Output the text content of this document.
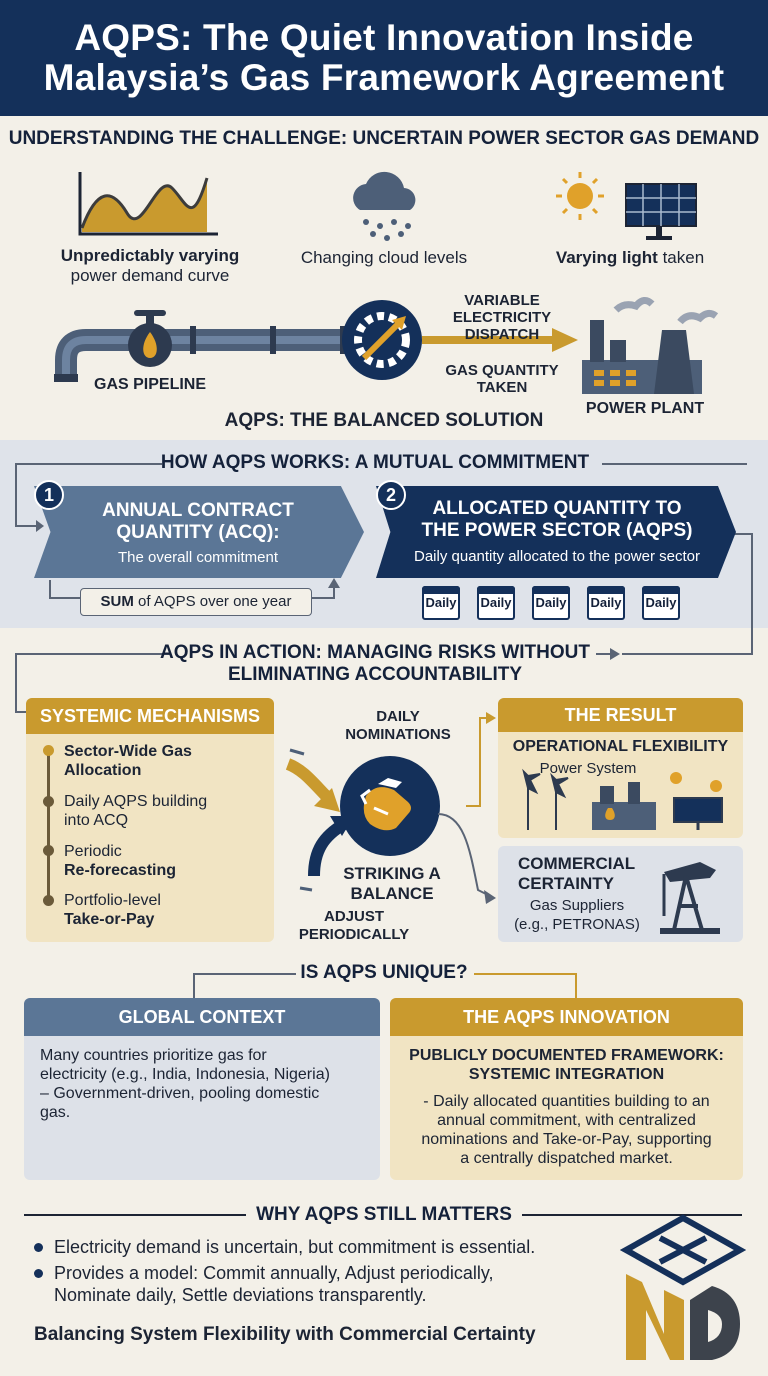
AQPS: The Quiet Innovation Inside
Malaysia’s Gas Framework Agreement
UNDERSTANDING THE CHALLENGE: UNCERTAIN POWER SECTOR GAS DEMAND
Unpredictably varying
power demand curve
Changing cloud levels	Varying light taken
GAS PIPELINE
VARIABLE
ELECTRICITY
DISPATCH
GAS QUANTITY
TAKEN
POWER PLANT
AQPS: THE BALANCED SOLUTION
HOW AQPS WORKS: A MUTUAL COMMITMENT
1
ANNUAL CONTRACT
QUANTITY (ACQ):
The overall commitment
2
ALLOCATED QUANTITY TO
THE POWER SECTOR (AQPS)
Daily quantity allocated to the power sector
SUM of AQPS over one year	Daily Daily Daily Daily Daily
AQPS IN ACTION: MANAGING RISKS WITHOUT
ELIMINATING ACCOUNTABILITY
SYSTEMIC MECHANISMS
Sector-Wide Gas
Allocation
Daily AQPS building
into ACQ
Periodic
Re-forecasting
Portfolio-level
Take-or-Pay
DAILY
NOMINATIONS
STRIKING A
BALANCE
ADJUST
PERIODICALLY
THE RESULT
OPERATIONAL FLEXIBILITY
Power System
COMMERCIAL
CERTAINTY
Gas Suppliers
(e.g., PETRONAS)
IS AQPS UNIQUE?
GLOBAL CONTEXT
Many countries prioritize gas for
electricity (e.g., India, Indonesia, Nigeria)
– Government-driven, pooling domestic
gas.
THE AQPS INNOVATION
PUBLICLY DOCUMENTED FRAMEWORK:
SYSTEMIC INTEGRATION
- Daily allocated quantities building to an
annual commitment, with centralized
nominations and Take-or-Pay, supporting
a centrally dispatched market.
WHY AQPS STILL MATTERS
Electricity demand is uncertain, but commitment is essential.
Provides a model: Commit annually, Adjust periodically,
Nominate daily, Settle deviations transparently.
Balancing System Flexibility with Commercial Certainty
